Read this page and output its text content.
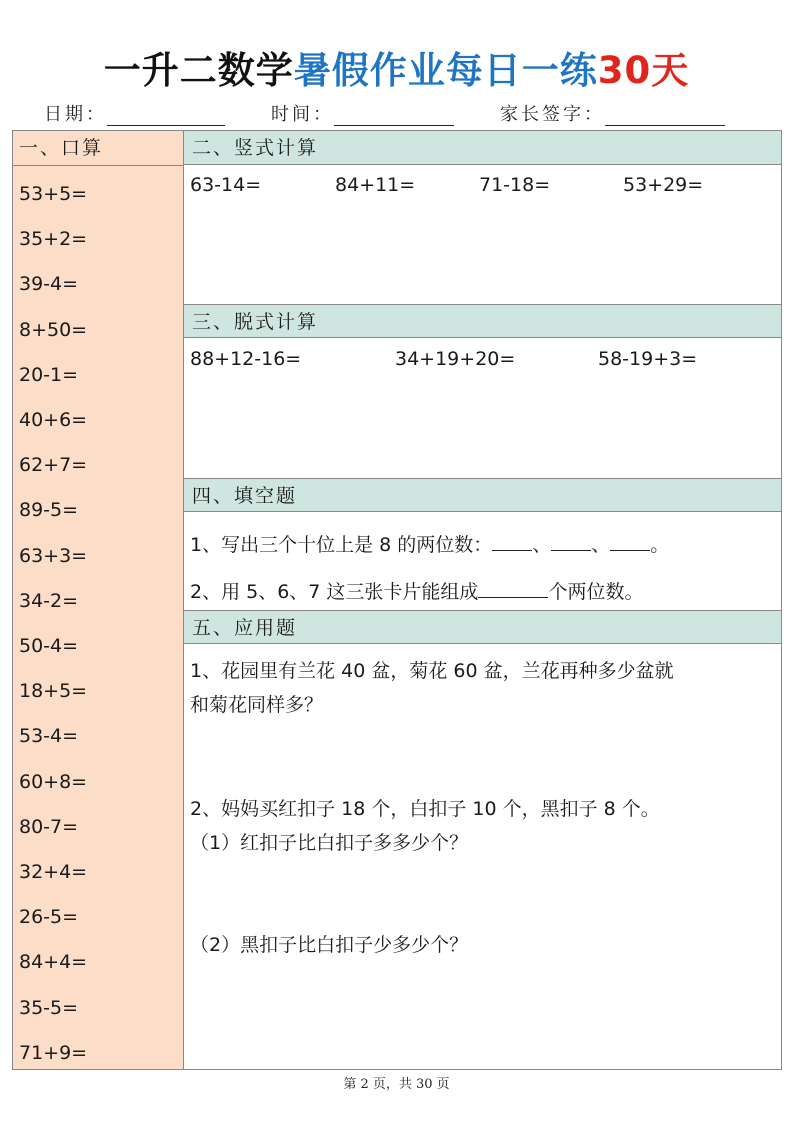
一升二数学暑假作业每日一练30天
日期：	时间：	家长签字：
一、口算
53+5=
35+2=
39-4=
8+50=
20-1=
40+6=
62+7=
89-5=
63+3=
34-2=
50-4=
18+5=
53-4=
60+8=
80-7=
32+4=
26-5=
84+4=
35-5=
71+9=
二、竖式计算
63-14=	84+11=	71-18=	53+29=
三、脱式计算
88+12-16=	34+19+20=	58-19+3=
四、填空题
1、写出三个十位上是 8 的两位数： 、 、 。
2、用 5、6、7 这三张卡片能组成	个两位数。
五、应用题
1、花园里有兰花 40 盆，菊花 60 盆，兰花再种多少盆就
和菊花同样多？
2、妈妈买红扣子 18 个，白扣子 10 个，黑扣子 8 个。
（1）红扣子比白扣子多多少个？
（2）黑扣子比白扣子少多少个？
第 2 页，共 30 页
